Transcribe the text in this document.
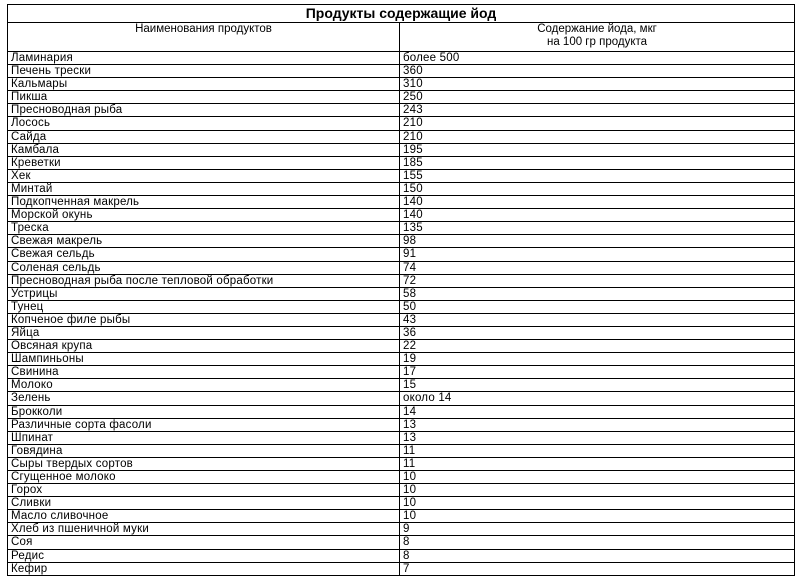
Продукты содержащие йод	
Наименования продуктов	Содержание йода, мкг
на 100 гр продукта

Ламинария	более 500
Печень трески	360
Кальмары	310
Пикша	250
Пресноводная рыба	243
Лосось	210
Сайда	210
Камбала	195
Креветки	185
Хек	155
Минтай	150
Подкопченная макрель	140
Морской окунь	140
Треска	135
Свежая макрель	98
Свежая сельдь	91
Соленая сельдь	74
Пресноводная рыба после тепловой обработки	72
Устрицы	58
Тунец	50
Копченое филе рыбы	43
Яйца	36
Овсяная крупа	22
Шампиньоны	19
Свинина	17
Молоко	15
Зелень	около 14
Брокколи	14
Различные сорта фасоли	13
Шпинат	13
Говядина	11
Сыры твердых сортов	11
Сгущенное молоко	10
Горох	10
Сливки	10
Масло сливочное	10
Хлеб из пшеничной муки	9
Соя	8
Редис	8
Кефир	7
